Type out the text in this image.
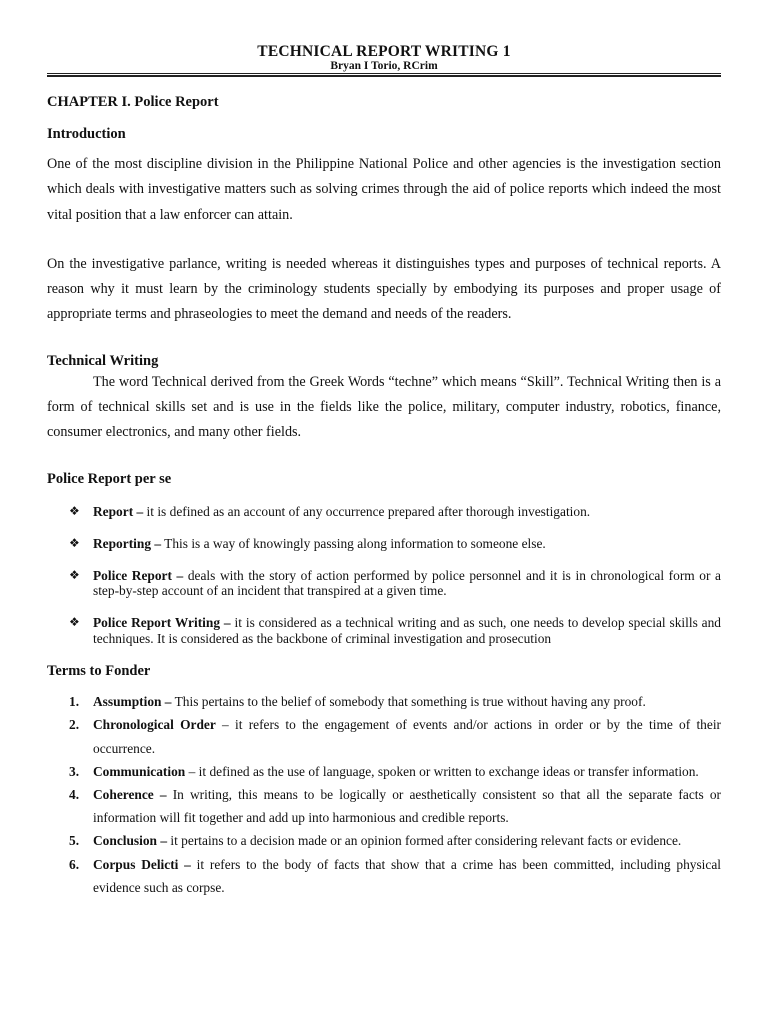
TECHNICAL REPORT WRITING 1
Bryan I Torio, RCrim
CHAPTER I. Police Report
Introduction

One of the most discipline division in the Philippine National Police and other agencies is the investigation section which deals with investigative matters such as solving crimes through the aid of police reports which indeed the most vital position that a law enforcer can attain.

On the investigative parlance, writing is needed whereas it distinguishes types and purposes of technical reports. A reason why it must learn by the criminology students specially by embodying its purposes and proper usage of appropriate terms and phraseologies to meet the demand and needs of the readers.

Technical Writing

The word Technical derived from the Greek Words “techne” which means “Skill”. Technical Writing then is a form of technical skills set and is use in the fields like the police, military, computer industry, robotics, finance, consumer electronics, and many other fields.

Police Report per se
❖ Report – it is defined as an account of any occurrence prepared after thorough investigation.
❖ Reporting – This is a way of knowingly passing along information to someone else.
❖ Police Report – deals with the story of action performed by police personnel and it is in chronological form or a step-by-step account of an incident that transpired at a given time.
❖ Police Report Writing – it is considered as a technical writing and as such, one needs to develop special skills and techniques. It is considered as the backbone of criminal investigation and prosecution
Terms to Fonder
1. Assumption – This pertains to the belief of somebody that something is true without having any proof.
2. Chronological Order – it refers to the engagement of events and/or actions in order or by the time of their occurrence.
3. Communication – it defined as the use of language, spoken or written to exchange ideas or transfer information.
4. Coherence – In writing, this means to be logically or aesthetically consistent so that all the separate facts or information will fit together and add up into harmonious and credible reports.
5. Conclusion – it pertains to a decision made or an opinion formed after considering relevant facts or evidence.
6. Corpus Delicti – it refers to the body of facts that show that a crime has been committed, including physical evidence such as corpse.
